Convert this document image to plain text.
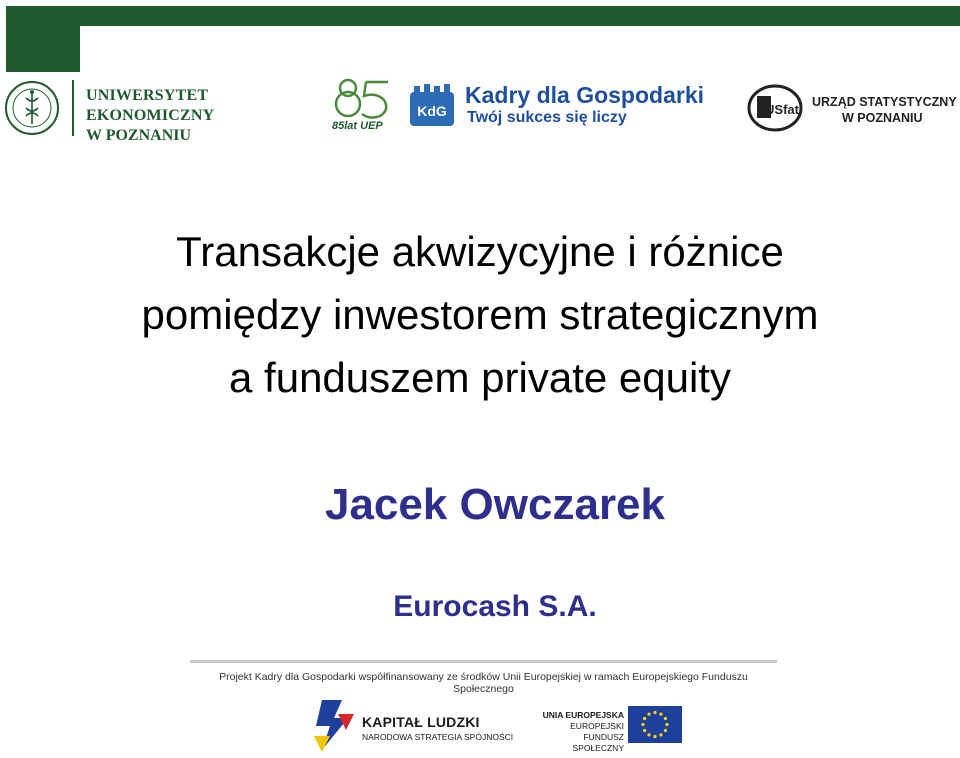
UNIWERSYTET EKONOMICZNY
W POZNANIU
85lat UEP
KdG
Kadry dla Gospodarki
Twój sukces się liczy	USfat URZĄD STATYSTYCZNY
W POZNANIU
Transakcje akwizycyjne i różnice
pomiędzy inwestorem strategicznym
a funduszem private equity
Jacek Owczarek
Eurocash S.A.
Projekt Kadry dla Gospodarki współfinansowany ze środków Unii Europejskiej w ramach Europejskiego Funduszu Społecznego
KAPITAŁ LUDZKI
NARODOWA STRATEGIA SPÓJNOŚCI
UNIA EUROPEJSKA
EUROPEJSKI FUNDUSZ SPOŁECZNY
